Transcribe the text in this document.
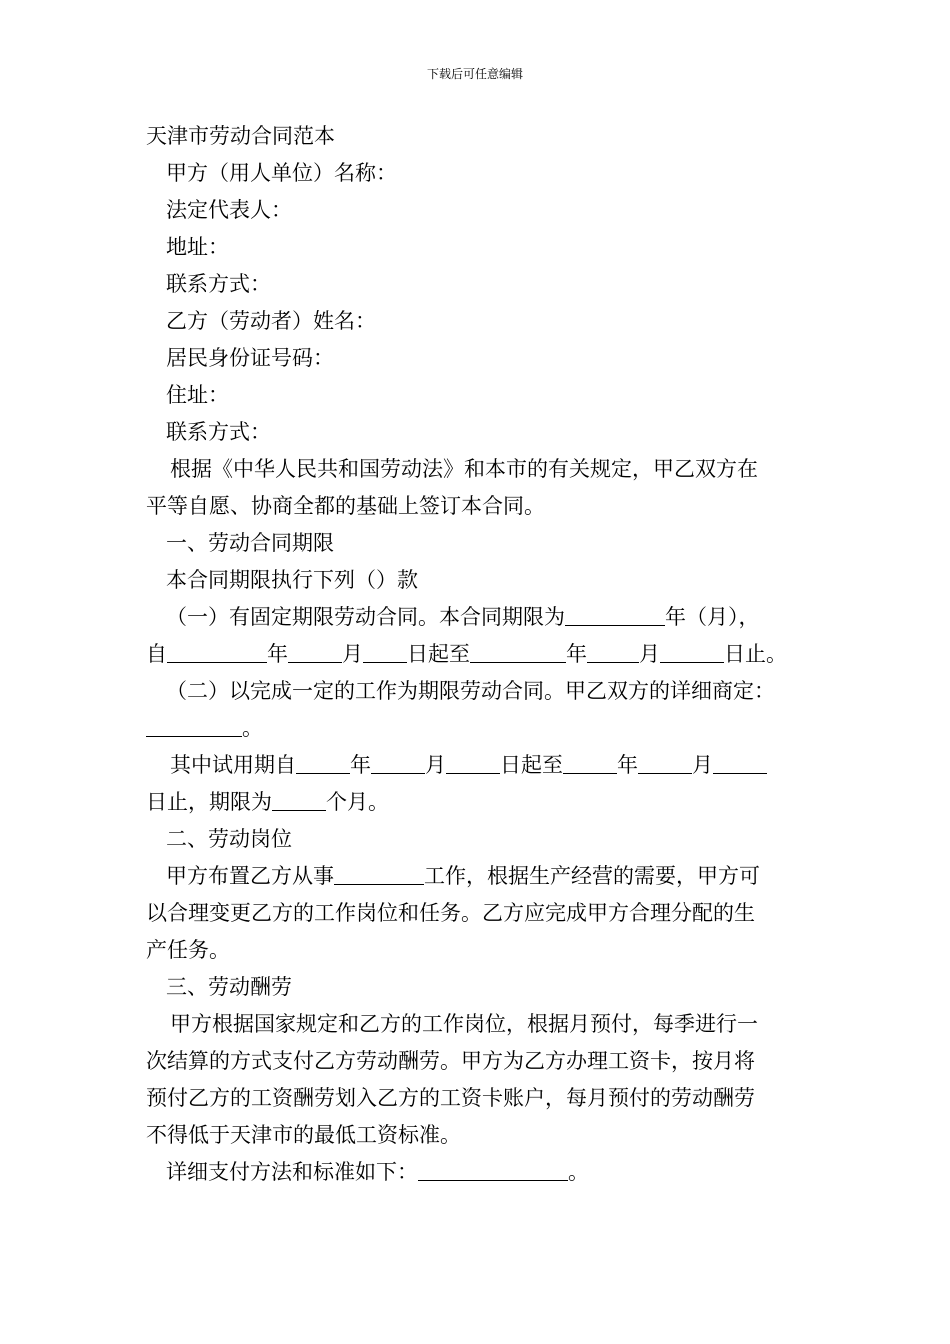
下载后可任意编辑
天津市劳动合同范本
甲方（用人单位）名称：
法定代表人：
地址：
联系方式：
乙方（劳动者）姓名：
居民身份证号码：
住址：
联系方式：
根据《中华人民共和国劳动法》和本市的有关规定，甲乙双方在
平等自愿、协商全都的基础上签订本合同。
一、劳动合同期限
本合同期限执行下列（）款
（一）有固定期限劳动合同。本合同期限为	年（月），
自	年	月 日起至	年 月	日止。
（二）以完成一定的工作为期限劳动合同。甲乙双方的详细商定：
。
其中试用期自	年	月	日起至	年	月
日止，期限为	个月。
二、劳动岗位
甲方布置乙方从事	工作，根据生产经营的需要，甲方可
以合理变更乙方的工作岗位和任务。乙方应完成甲方合理分配的生
产任务。
三、劳动酬劳
甲方根据国家规定和乙方的工作岗位，根据月预付，每季进行一
次结算的方式支付乙方劳动酬劳。甲方为乙方办理工资卡，按月将
预付乙方的工资酬劳划入乙方的工资卡账户，每月预付的劳动酬劳
不得低于天津市的最低工资标准。
详细支付方法和标准如下：	。
